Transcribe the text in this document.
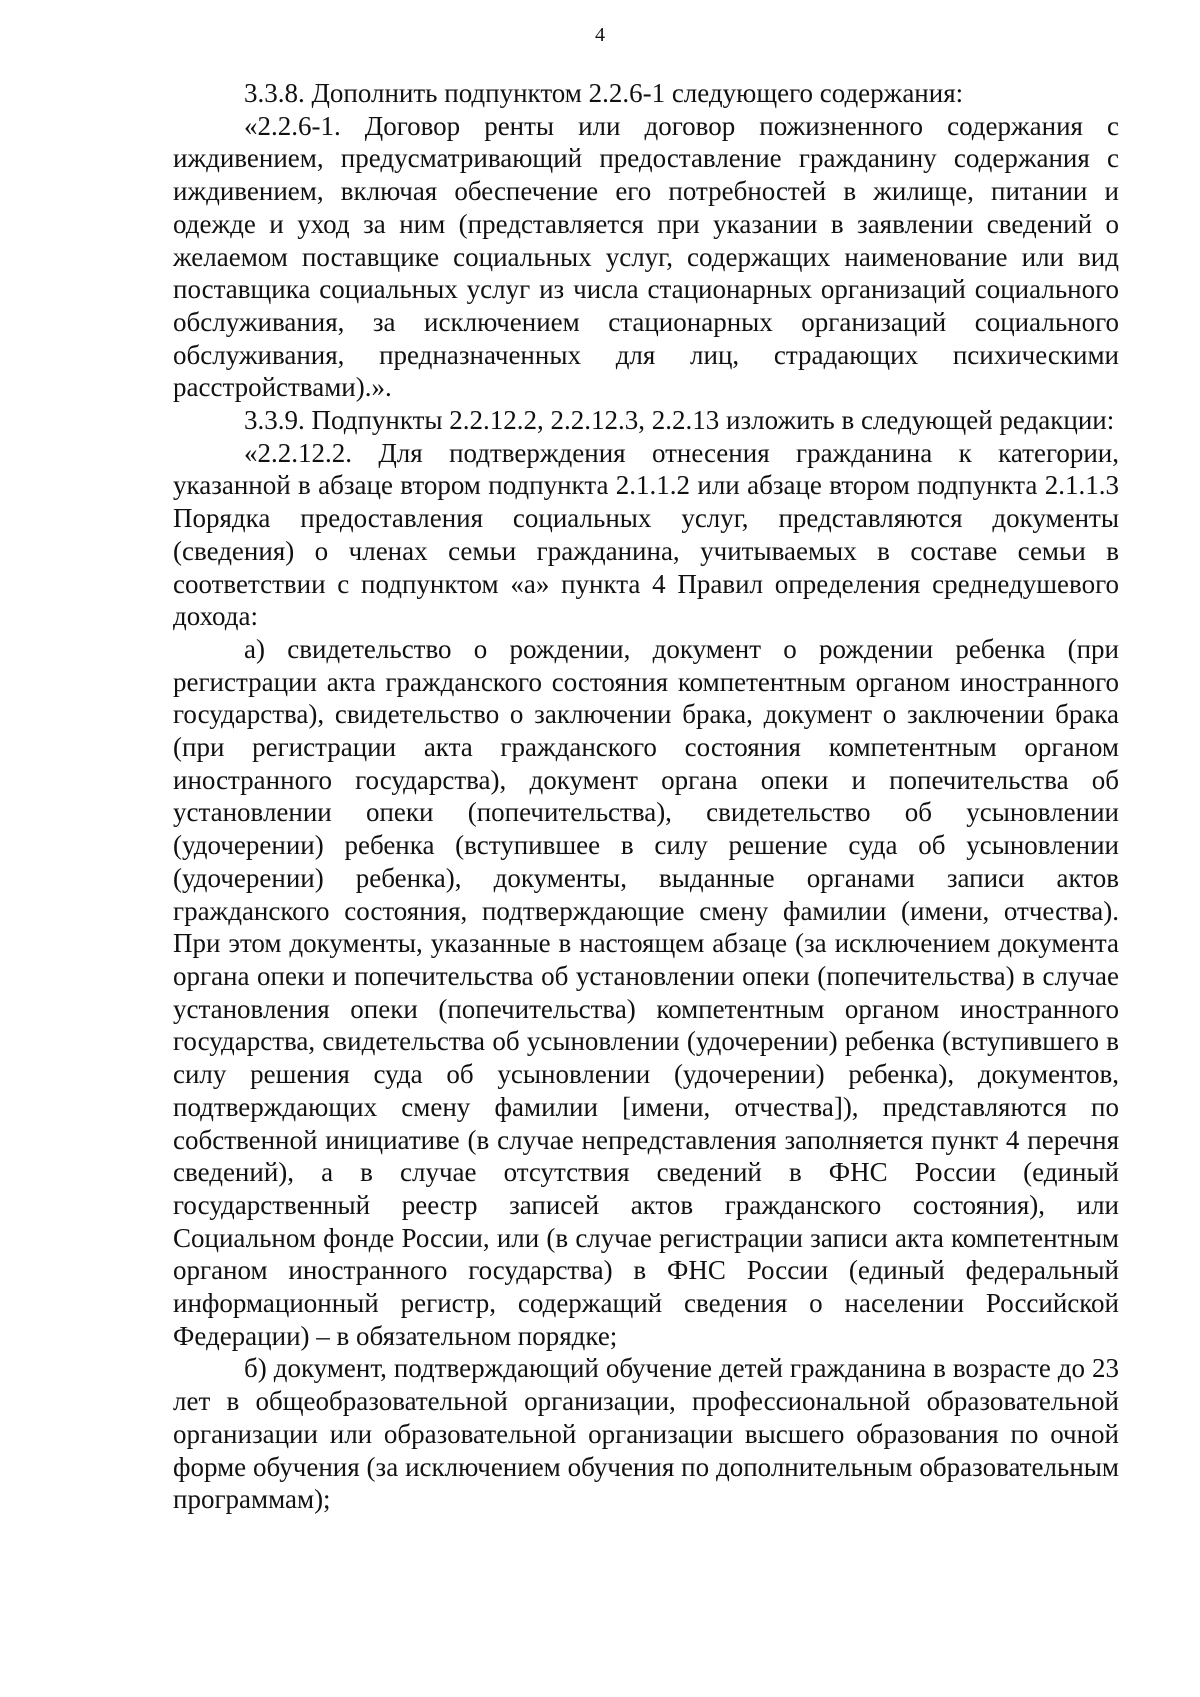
4

3.3.8. Дополнить подпунктом 2.2.6-1 следующего содержания:

«2.2.6-1. Договор ренты или договор пожизненного содержания с иждивением, предусматривающий предоставление гражданину содержания с иждивением, включая обеспечение его потребностей в жилище, питании и одежде и уход за ним (представляется при указании в заявлении сведений о желаемом поставщике социальных услуг, содержащих наименование или вид поставщика социальных услуг из числа стационарных организаций социального обслуживания, за исключением стационарных организаций социального обслуживания, предназначенных для лиц, страдающих психическими расстройствами).».

3.3.9. Подпункты 2.2.12.2, 2.2.12.3, 2.2.13 изложить в следующей редакции:

«2.2.12.2. Для подтверждения отнесения гражданина к категории, указанной в абзаце втором подпункта 2.1.1.2 или абзаце втором подпункта 2.1.1.3 Порядка предоставления социальных услуг, представляются документы (сведения) о членах семьи гражданина, учитываемых в составе семьи в соответствии с подпунктом «а» пункта 4 Правил определения среднедушевого дохода:

а) свидетельство о рождении, документ о рождении ребенка (при регистрации акта гражданского состояния компетентным органом иностранного государства), свидетельство о заключении брака, документ о заключении брака (при регистрации акта гражданского состояния компетентным органом иностранного государства), документ органа опеки и попечительства об установлении опеки (попечительства), свидетельство об усыновлении (удочерении) ребенка (вступившее в силу решение суда об усыновлении (удочерении) ребенка), документы, выданные органами записи актов гражданского состояния, подтверждающие смену фамилии (имени, отчества). При этом документы, указанные в настоящем абзаце (за исключением документа органа опеки и попечительства об установлении опеки (попечительства) в случае установления опеки (попечительства) компетентным органом иностранного государства, свидетельства об усыновлении (удочерении) ребенка (вступившего в силу решения суда об усыновлении (удочерении) ребенка), документов, подтверждающих смену фамилии [имени, отчества]), представляются по собственной инициативе (в случае непредставления заполняется пункт 4 перечня сведений), а в случае отсутствия сведений в ФНС России (единый государственный реестр записей актов гражданского состояния), или Социальном фонде России, или (в случае регистрации записи акта компетентным органом иностранного государства) в ФНС России (единый федеральный информационный регистр, содержащий сведения о населении Российской Федерации) – в обязательном порядке;

б) документ, подтверждающий обучение детей гражданина в возрасте до 23 лет в общеобразовательной организации, профессиональной образовательной организации или образовательной организации высшего образования по очной форме обучения (за исключением обучения по дополнительным образовательным программам);
